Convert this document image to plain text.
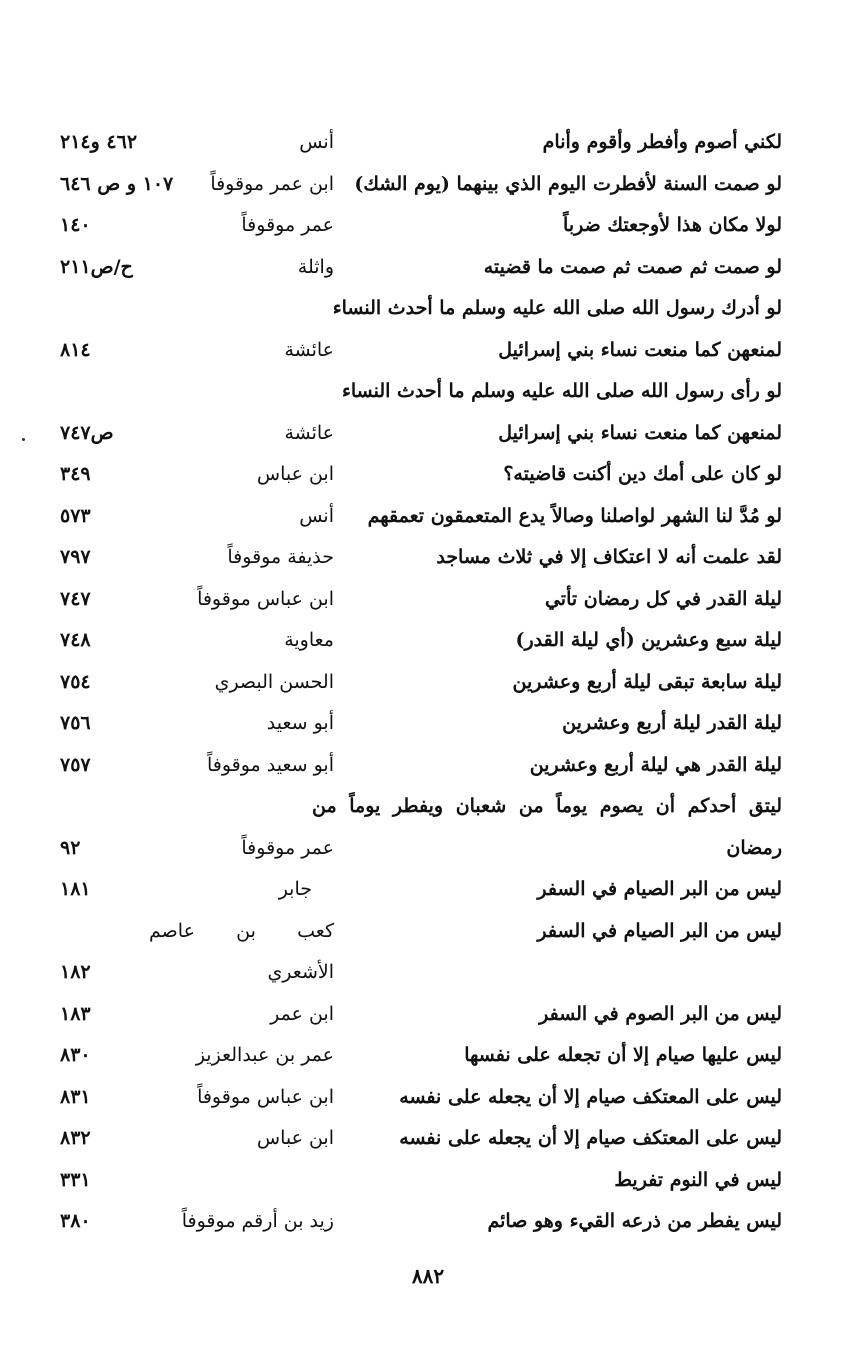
لكني أصوم وأفطر وأقوم وأنام
أنس
٤٦٢ و٢١٤
لو صمت السنة لأفطرت اليوم الذي بينهما (يوم الشك)
ابن عمر موقوفاً
١٠٧ و ص ٦٤٦
لولا مكان هذا لأوجعتك ضرباً
عمر موقوفاً
١٤٠
لو صمت ثم صمت ثم صمت ما قضيته
واثلة
ح/ص٢١١
لو أدرك رسول الله صلى الله عليه وسلم ما أحدث النساء
لمنعهن كما منعت نساء بني إسرائيل
عائشة
٨١٤
لو رأى رسول الله صلى الله عليه وسلم ما أحدث النساء
لمنعهن كما منعت نساء بني إسرائيل
عائشة
ص٧٤٧
لو كان على أمك دين أكنت قاضيته؟
ابن عباس
٣٤٩
لو مُدَّ لنا الشهر لواصلنا وصالاً يدع المتعمقون تعمقهم
أنس
٥٧٣
لقد علمت أنه لا اعتكاف إلا في ثلاث مساجد
حذيفة موقوفاً
٧٩٧
ليلة القدر في كل رمضان تأتي
ابن عباس موقوفاً
٧٤٧
ليلة سبع وعشرين (أي ليلة القدر)
معاوية
٧٤٨
ليلة سابعة تبقى ليلة أربع وعشرين
الحسن البصري
٧٥٤
ليلة القدر ليلة أربع وعشرين
أبو سعيد
٧٥٦
ليلة القدر هي ليلة أربع وعشرين
أبو سعيد موقوفاً
٧٥٧
ليتق أحدكم أن يصوم يوماً من شعبان ويفطر يوماً من
رمضان
عمر موقوفاً
٩٢
ليس من البر الصيام في السفر
جابر
١٨١
ليس من البر الصيام في السفر
كعب بن عاصم
الأشعري
١٨٢
ليس من البر الصوم في السفر
ابن عمر
١٨٣
ليس عليها صيام إلا أن تجعله على نفسها
عمر بن عبدالعزيز
٨٣٠
ليس على المعتكف صيام إلا أن يجعله على نفسه
ابن عباس موقوفاً
٨٣١
ليس على المعتكف صيام إلا أن يجعله على نفسه
ابن عباس
٨٣٢
ليس في النوم تفريط
٣٣١
ليس يفطر من ذرعه القيء وهو صائم
زيد بن أرقم موقوفاً
٣٨٠
٨٨٢
